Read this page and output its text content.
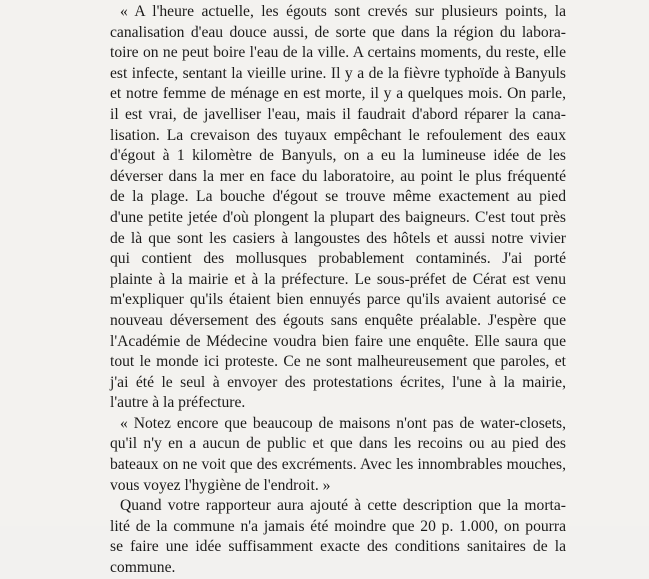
« A l'heure actuelle, les égouts sont crevés sur plusieurs points, la
canalisation d'eau douce aussi, de sorte que dans la région du labora-
toire on ne peut boire l'eau de la ville. A certains moments, du reste, elle
est infecte, sentant la vieille urine. Il y a de la fièvre typhoïde à Banyuls
et notre femme de ménage en est morte, il y a quelques mois. On parle,
il est vrai, de javelliser l'eau, mais il faudrait d'abord réparer la cana-
lisation. La crevaison des tuyaux empêchant le refoulement des eaux
d'égout à 1 kilomètre de Banyuls, on a eu la lumineuse idée de les
déverser dans la mer en face du laboratoire, au point le plus fréquenté
de la plage. La bouche d'égout se trouve même exactement au pied
d'une petite jetée d'où plongent la plupart des baigneurs. C'est tout près
de là que sont les casiers à langoustes des hôtels et aussi notre vivier
qui contient des mollusques probablement contaminés. J'ai porté
plainte à la mairie et à la préfecture. Le sous-préfet de Cérat est venu
m'expliquer qu'ils étaient bien ennuyés parce qu'ils avaient autorisé ce
nouveau déversement des égouts sans enquête préalable. J'espère que
l'Académie de Médecine voudra bien faire une enquête. Elle saura que
tout le monde ici proteste. Ce ne sont malheureusement que paroles, et
j'ai été le seul à envoyer des protestations écrites, l'une à la mairie,
l'autre à la préfecture.
« Notez encore que beaucoup de maisons n'ont pas de water-closets,
qu'il n'y en a aucun de public et que dans les recoins ou au pied des
bateaux on ne voit que des excréments. Avec les innombrables mouches,
vous voyez l'hygiène de l'endroit. »
Quand votre rapporteur aura ajouté à cette description que la morta-
lité de la commune n'a jamais été moindre que 20 p. 1.000, on pourra
se faire une idée suffisamment exacte des conditions sanitaires de la
commune.
